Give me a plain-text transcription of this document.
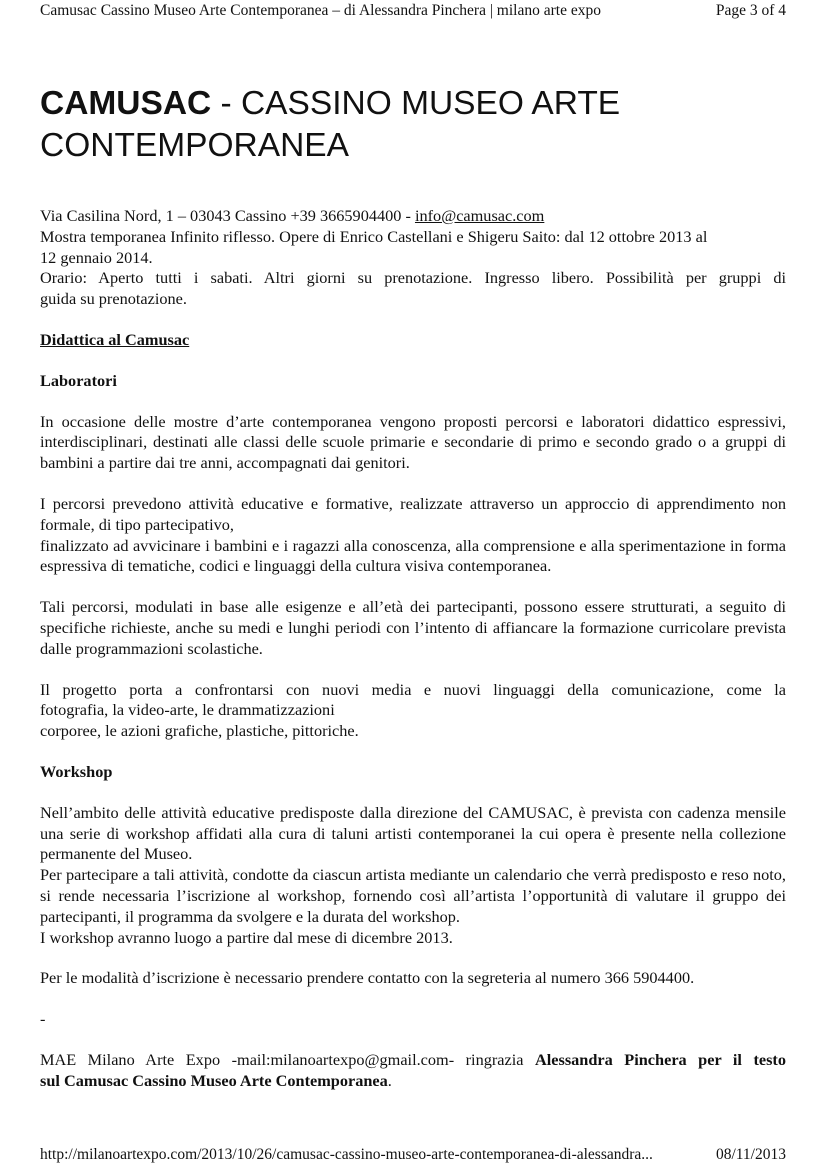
Camusac Cassino Museo Arte Contemporanea – di Alessandra Pinchera | milano arte expo	Page 3 of 4
CAMUSAC - CASSINO MUSEO ARTE
CONTEMPORANEA

Via Casilina Nord, 1 – 03043 Cassino +39 3665904400 - info@camusac.com

Mostra temporanea Infinito riflesso. Opere di Enrico Castellani e Shigeru Saito: dal 12 ottobre 2013 al
12 gennaio 2014.

Orario: Aperto tutti i sabati. Altri giorni su prenotazione. Ingresso libero. Possibilità per gruppi di

guida su prenotazione.

Didattica al Camusac

Laboratori

In occasione delle mostre d’arte contemporanea vengono proposti percorsi e laboratori didattico espressivi, interdisciplinari, destinati alle classi delle scuole primarie e secondarie di primo e secondo grado o a gruppi di bambini a partire dai tre anni, accompagnati dai genitori.

I percorsi prevedono attività educative e formative, realizzate attraverso un approccio di apprendimento non formale, di tipo partecipativo,

finalizzato ad avvicinare i bambini e i ragazzi alla conoscenza, alla comprensione e alla sperimentazione in forma espressiva di tematiche, codici e linguaggi della cultura visiva contemporanea.

Tali percorsi, modulati in base alle esigenze e all’età dei partecipanti, possono essere strutturati, a seguito di specifiche richieste, anche su medi e lunghi periodi con l’intento di affiancare la formazione curricolare prevista dalle programmazioni scolastiche.

Il progetto porta a confrontarsi con nuovi media e nuovi linguaggi della comunicazione, come la

fotografia, la video-arte, le drammatizzazioni

corporee, le azioni grafiche, plastiche, pittoriche.

Workshop

Nell’ambito delle attività educative predisposte dalla direzione del CAMUSAC, è prevista con cadenza mensile una serie di workshop affidati alla cura di taluni artisti contemporanei la cui opera è presente nella collezione permanente del Museo.

Per partecipare a tali attività, condotte da ciascun artista mediante un calendario che verrà predisposto e reso noto, si rende necessaria l’iscrizione al workshop, fornendo così all’artista l’opportunità di valutare il gruppo dei partecipanti, il programma da svolgere e la durata del workshop.

I workshop avranno luogo a partire dal mese di dicembre 2013.

Per le modalità d’iscrizione è necessario prendere contatto con la segreteria al numero 366 5904400.

-

MAE Milano Arte Expo -mail:milanoartexpo@gmail.com- ringrazia Alessandra Pinchera per il testo

sul Camusac Cassino Museo Arte Contemporanea.

http://milanoartexpo.com/2013/10/26/camusac-cassino-museo-arte-contemporanea-di-alessandra...	08/11/2013
